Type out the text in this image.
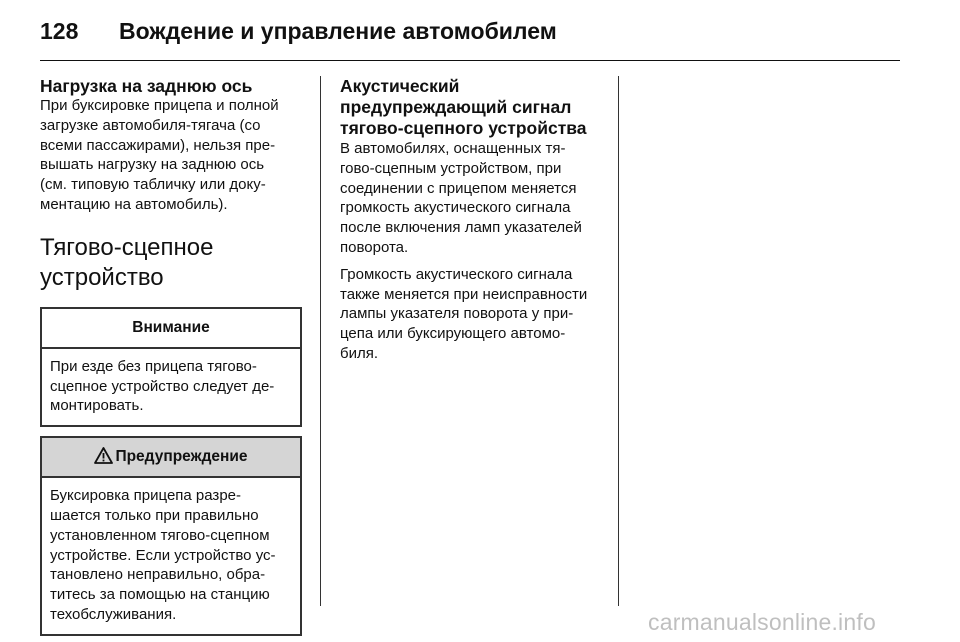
128 Вождение и управление автомобилем
Нагрузка на заднюю ось

При буксировке прицепа и полной
загрузке автомобиля-тягача (со
всеми пассажирами), нельзя пре-
вышать нагрузку на заднюю ось
(см. типовую табличку или доку-
ментацию на автомобиль).

Тягово-сцепное
устройство
Внимание
При езде без прицепа тягово-
сцепное устройство следует де-
монтировать.
Предупреждение
Буксировка прицепа разре-
шается только при правильно
установленном тягово-сцепном
устройстве. Если устройство ус-
тановлено неправильно, обра-
титесь за помощью на станцию
техобслуживания.
Акустический
предупреждающий сигнал
тягово-сцепного устройства

В автомобилях, оснащенных тя-
гово-сцепным устройством, при
соединении с прицепом меняется
громкость акустического сигнала
после включения ламп указателей
поворота.

Громкость акустического сигнала
также меняется при неисправности
лампы указателя поворота у при-
цепа или буксирующего автомо-
биля.

carmanualsonline.info
